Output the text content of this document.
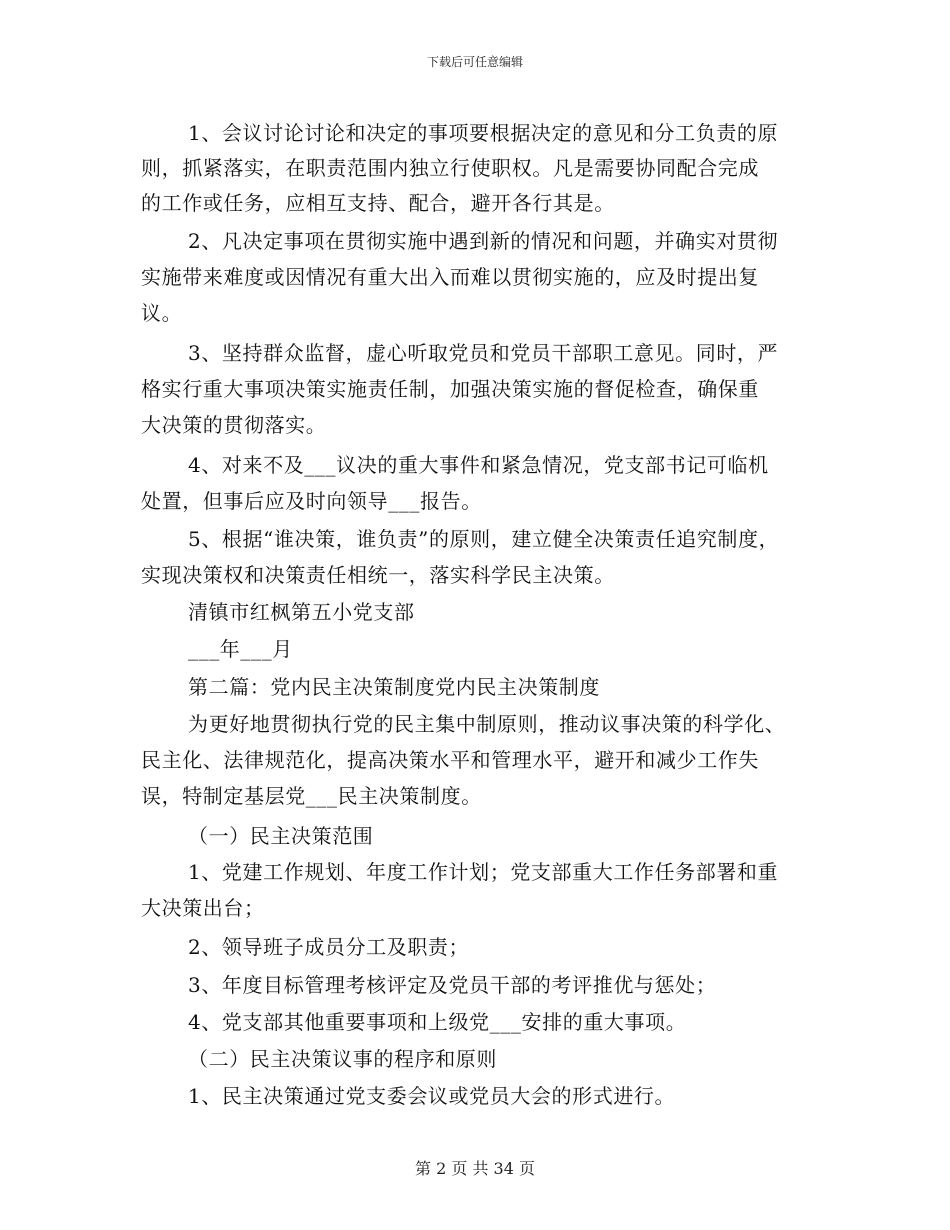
下载后可任意编辑
1、会议讨论讨论和决定的事项要根据决定的意见和分工负责的原
则，抓紧落实，在职责范围内独立行使职权。凡是需要协同配合完成
的工作或任务，应相互支持、配合，避开各行其是。
2、凡决定事项在贯彻实施中遇到新的情况和问题，并确实对贯彻
实施带来难度或因情况有重大出入而难以贯彻实施的，应及时提出复
议。
3、坚持群众监督，虚心听取党员和党员干部职工意见。同时，严
格实行重大事项决策实施责任制，加强决策实施的督促检查，确保重
大决策的贯彻落实。
4、对来不及___议决的重大事件和紧急情况，党支部书记可临机
处置，但事后应及时向领导___报告。
5、根据“谁决策，谁负责”的原则，建立健全决策责任追究制度，
实现决策权和决策责任相统一，落实科学民主决策。
清镇市红枫第五小党支部
___年___月
第二篇：党内民主决策制度党内民主决策制度
为更好地贯彻执行党的民主集中制原则，推动议事决策的科学化、
民主化、法律规范化，提高决策水平和管理水平，避开和减少工作失
误，特制定基层党___民主决策制度。
（一）民主决策范围
1、党建工作规划、年度工作计划；党支部重大工作任务部署和重
大决策出台；
2、领导班子成员分工及职责；
3、年度目标管理考核评定及党员干部的考评推优与惩处；
4、党支部其他重要事项和上级党___安排的重大事项。
（二）民主决策议事的程序和原则
1、民主决策通过党支委会议或党员大会的形式进行。
第 2 页 共 34 页
